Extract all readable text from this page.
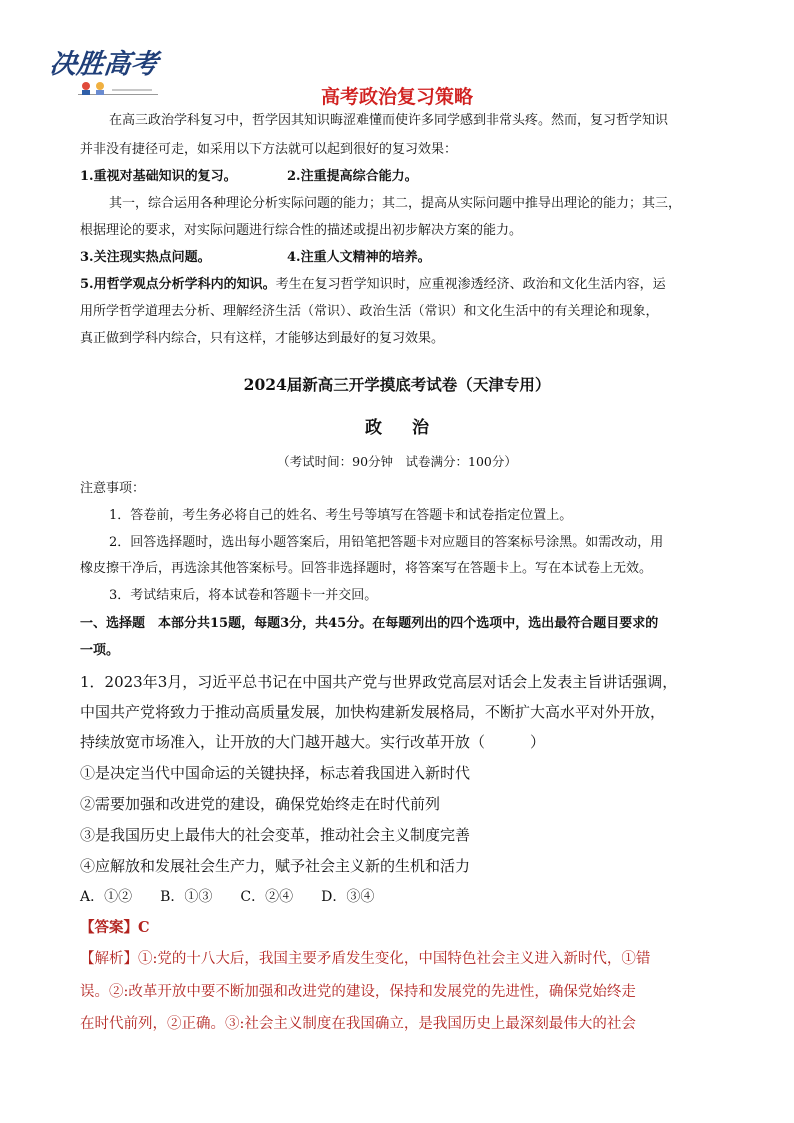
决胜高考
高考政治复习策略
在高三政治学科复习中，哲学因其知识晦涩难懂而使许多同学感到非常头疼。然而，复习哲学知识
并非没有捷径可走，如采用以下方法就可以起到很好的复习效果：
1.重视对基础知识的复习。	2.注重提高综合能力。
其一，综合运用各种理论分析实际问题的能力；其二，提高从实际问题中推导出理论的能力；其三，
根据理论的要求，对实际问题进行综合性的描述或提出初步解决方案的能力。
3.关注现实热点问题。	4.注重人文精神的培养。
5.用哲学观点分析学科内的知识。考生在复习哲学知识时，应重视渗透经济、政治和文化生活内容，运
用所学哲学道理去分析、理解经济生活（常识）、政治生活（常识）和文化生活中的有关理论和现象，
真正做到学科内综合，只有这样，才能够达到最好的复习效果。
2024届新高三开学摸底考试卷（天津专用）
政治
（考试时间：90分钟　试卷满分：100分）
注意事项：
1．答卷前，考生务必将自己的姓名、考生号等填写在答题卡和试卷指定位置上。
2．回答选择题时，选出每小题答案后，用铅笔把答题卡对应题目的答案标号涂黑。如需改动，用
橡皮擦干净后，再选涂其他答案标号。回答非选择题时，将答案写在答题卡上。写在本试卷上无效。
3．考试结束后，将本试卷和答题卡一并交回。
一、选择题　本部分共15题，每题3分，共45分。在每题列出的四个选项中，选出最符合题目要求的
一项。
1．2023年3月，习近平总书记在中国共产党与世界政党高层对话会上发表主旨讲话强调，
中国共产党将致力于推动高质量发展，加快构建新发展格局，不断扩大高水平对外开放，
持续放宽市场准入，让开放的大门越开越大。实行改革开放（　　　）
①是决定当代中国命运的关键抉择，标志着我国进入新时代
②需要加强和改进党的建设，确保党始终走在时代前列
③是我国历史上最伟大的社会变革，推动社会主义制度完善
④应解放和发展社会生产力，赋予社会主义新的生机和活力
A．①②　　B．①③　　C．②④　　D．③④
【答案】C
【解析】①:党的十八大后，我国主要矛盾发生变化，中国特色社会主义进入新时代，①错
误。②:改革开放中要不断加强和改进党的建设，保持和发展党的先进性，确保党始终走
在时代前列，②正确。③:社会主义制度在我国确立，是我国历史上最深刻最伟大的社会
